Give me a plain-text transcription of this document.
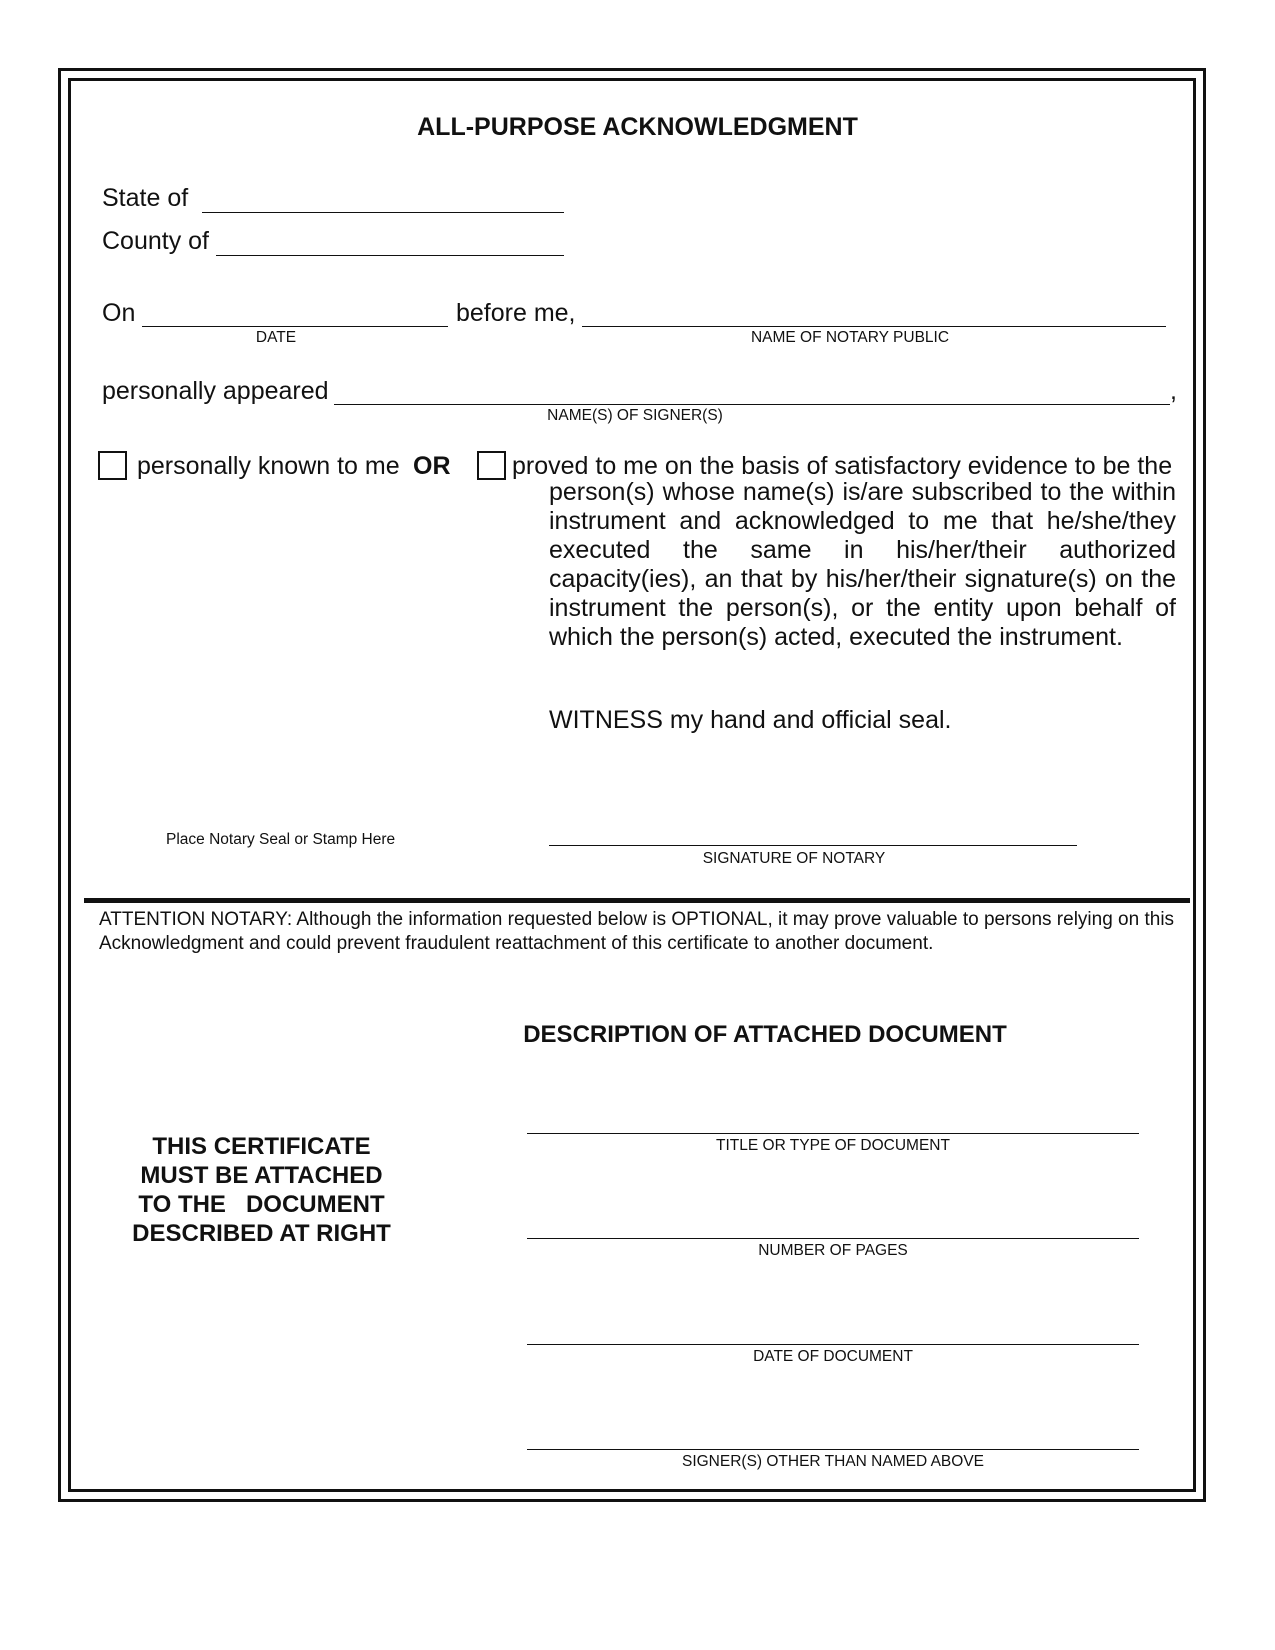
ALL-PURPOSE ACKNOWLEDGMENT
State of
County of
On	before me,
DATE	NAME OF NOTARY PUBLIC
personally appeared	,
NAME(S) OF SIGNER(S)
personally known to me OR proved to me on the basis of satisfactory evidence to be the
person(s) whose name(s) is/are subscribed to the within instrument and acknowledged to me that he/she/they executed the same in his/her/their authorized capacity(ies), an that by his/her/their signature(s) on the instrument the person(s), or the entity upon behalf of which the person(s) acted, executed the instrument.
WITNESS my hand and official seal.
Place Notary Seal or Stamp Here
SIGNATURE OF NOTARY
ATTENTION NOTARY: Although the information requested below is OPTIONAL, it may prove valuable to persons relying on this Acknowledgment and could prevent fraudulent reattachment of this certificate to another document.
DESCRIPTION OF ATTACHED DOCUMENT
THIS CERTIFICATE
MUST BE ATTACHED
TO THE   DOCUMENT
DESCRIBED AT RIGHT
TITLE OR TYPE OF DOCUMENT
NUMBER OF PAGES
DATE OF DOCUMENT
SIGNER(S) OTHER THAN NAMED ABOVE
